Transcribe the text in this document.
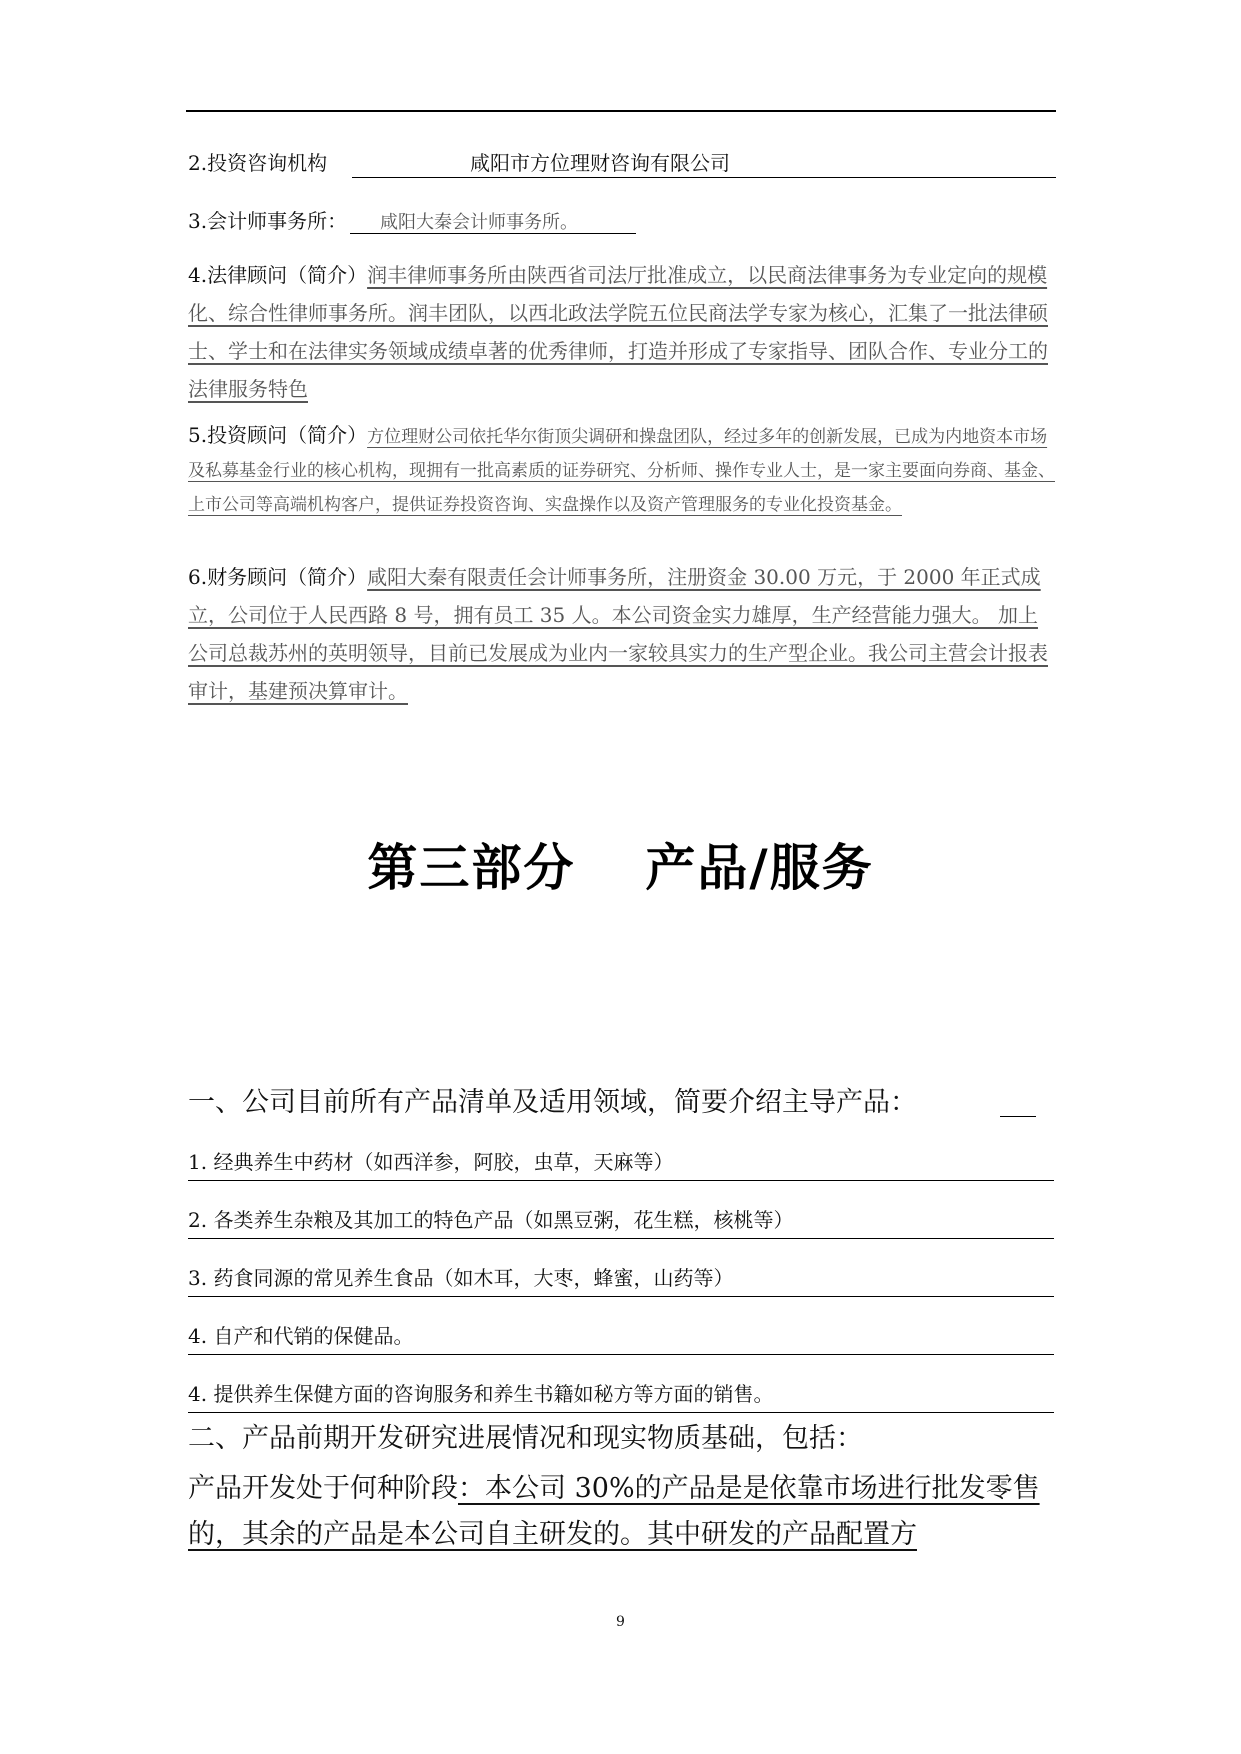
2.投资咨询机构	咸阳市方位理财咨询有限公司
3.会计师事务所： 咸阳大秦会计师事务所。

4.法律顾问（简介）润丰律师事务所由陕西省司法厅批准成立，以民商法律事务为专业定向的规模化、综合性律师事务所。润丰团队，以西北政法学院五位民商法学专家为核心，汇集了一批法律硕士、学士和在法律实务领域成绩卓著的优秀律师，打造并形成了专家指导、团队合作、专业分工的法律服务特色

5.投资顾问（简介）方位理财公司依托华尔街顶尖调研和操盘团队，经过多年的创新发展，已成为内地资本市场及私募基金行业的核心机构，现拥有一批高素质的证券研究、分析师、操作专业人士，是一家主要面向券商、基金、上市公司等高端机构客户，提供证券投资咨询、实盘操作以及资产管理服务的专业化投资基金。

6.财务顾问（简介）咸阳大秦有限责任会计师事务所，注册资金 30.00 万元，于 2000 年正式成立，公司位于人民西路 8 号，拥有员工 35 人。本公司资金实力雄厚，生产经营能力强大。 加上公司总裁苏州的英明领导，目前已发展成为业内一家较具实力的生产型企业。我公司主营会计报表审计，基建预决算审计。

第三部分 产品/服务
一、公司目前所有产品清单及适用领域，简要介绍主导产品：
1. 经典养生中药材（如西洋参，阿胶，虫草，天麻等）
2. 各类养生杂粮及其加工的特色产品（如黑豆粥，花生糕，核桃等）
3. 药食同源的常见养生食品（如木耳，大枣，蜂蜜，山药等）
4. 自产和代销的保健品。
4. 提供养生保健方面的咨询服务和养生书籍如秘方等方面的销售。
二、产品前期开发研究进展情况和现实物质基础，包括：

产品开发处于何种阶段：本公司 30%的产品是是依靠市场进行批发零售的，其余的产品是本公司自主研发的。其中研发的产品配置方

9
